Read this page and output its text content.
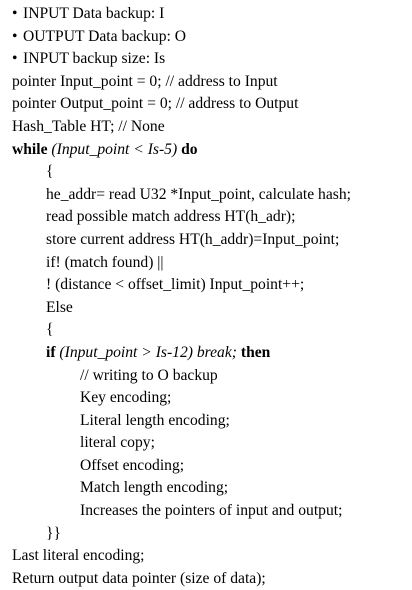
• INPUT Data backup: I
• OUTPUT Data backup: O
• INPUT backup size: Is
pointer Input_point = 0; // address to Input
pointer Output_point = 0; // address to Output
Hash_Table HT; // None
while (Input_point < Is-5) do
{
he_addr= read U32 *Input_point, calculate hash;
read possible match address HT(h_adr);
store current address HT(h_addr)=Input_point;
if! (match found) ||
! (distance < offset_limit) Input_point++;
Else
{
if (Input_point > Is-12) break; then
// writing to O backup
Key encoding;
Literal length encoding;
literal copy;
Offset encoding;
Match length encoding;
Increases the pointers of input and output;
}}
Last literal encoding;
Return output data pointer (size of data);
